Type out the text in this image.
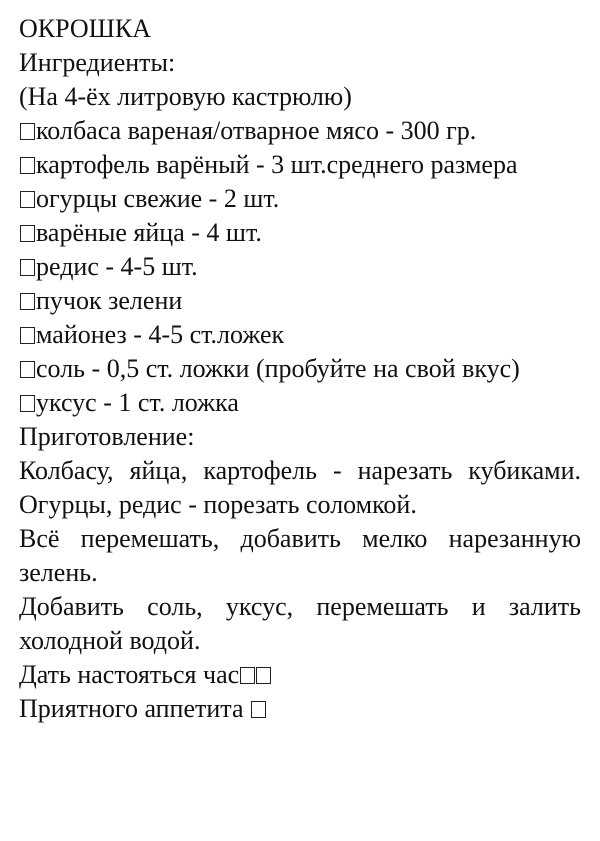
ОКРОШКА
Ингредиенты:
(На 4-ёх литровую кастрюлю)
колбаса вареная/отварное мясо - 300 гр.
картофель варёный - 3 шт.среднего размера
огурцы свежие - 2 шт.
варёные яйца - 4 шт.
редис - 4-5 шт.
пучок зелени
майонез - 4-5 ст.ложек
соль - 0,5 ст. ложки (пробуйте на свой вкус)
уксус - 1 ст. ложка
Приготовление:
Колбасу, яйца, картофель - нарезать кубиками. Огурцы, редис - порезать соломкой.
Всё перемешать, добавить мелко нарезанную зелень.
Добавить соль, уксус, перемешать и залить холодной водой.
Дать настояться час
Приятного аппетита
